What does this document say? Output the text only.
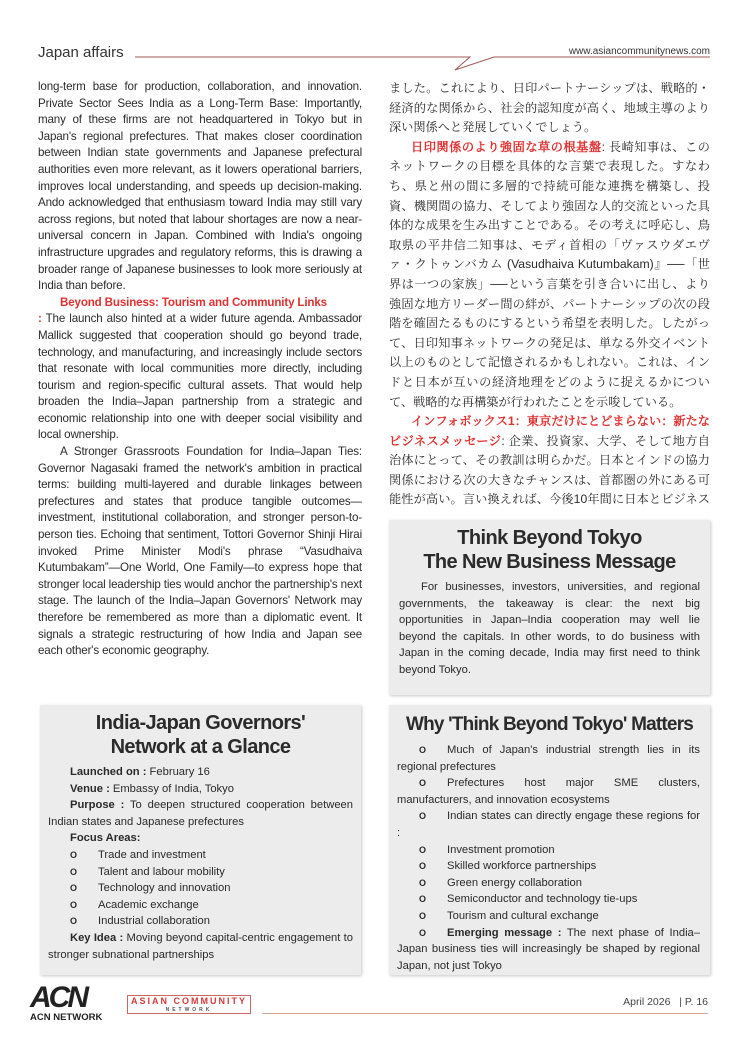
Japan affairs	www.asiancommunitynews.com

long-term base for production, collaboration, and innovation. Private Sector Sees India as a Long-Term Base: Importantly, many of these firms are not headquartered in Tokyo but in Japan's regional prefectures. That makes closer coordination between Indian state governments and Japanese prefectural authorities even more relevant, as it lowers operational barriers, improves local understanding, and speeds up decision-making. Ando acknowledged that enthusiasm toward India may still vary across regions, but noted that labour shortages are now a near-universal concern in Japan. Combined with India's ongoing infrastructure upgrades and regulatory reforms, this is drawing a broader range of Japanese businesses to look more seriously at India than before.

Beyond Business: Tourism and Community Links
: The launch also hinted at a wider future agenda. Ambassador Mallick suggested that cooperation should go beyond trade, technology, and manufacturing, and increasingly include sectors that resonate with local communities more directly, including tourism and region-specific cultural assets. That would help broaden the India–Japan partnership from a strategic and economic relationship into one with deeper social visibility and local ownership.

A Stronger Grassroots Foundation for India–Japan Ties: Governor Nagasaki framed the network's ambition in practical terms: building multi-layered and durable linkages between prefectures and states that produce tangible outcomes—investment, institutional collaboration, and stronger person-to-person ties. Echoing that sentiment, Tottori Governor Shinji Hirai invoked Prime Minister Modi's phrase “Vasudhaiva Kutumbakam”—One World, One Family—to express hope that stronger local leadership ties would anchor the partnership's next stage. The launch of the India–Japan Governors' Network may therefore be remembered as more than a diplomatic event. It signals a strategic restructuring of how India and Japan see each other's economic geography.

ました。これにより、日印パートナーシップは、戦略的・経済的な関係から、社会的認知度が高く、地域主導のより深い関係へと発展していくでしょう。

日印関係のより強固な草の根基盤: 長崎知事は、このネットワークの目標を具体的な言葉で表現した。すなわち、県と州の間に多層的で持続可能な連携を構築し、投資、機関間の協力、そしてより強固な人的交流といった具体的な成果を生み出すことである。その考えに呼応し、鳥取県の平井信二知事は、モディ首相の「ヴァスウダエヴァ・クトゥンバカム (Vasudhaiva Kutumbakam)』──「世界は一つの家族」──という言葉を引き合いに出し、より強固な地方リーダー間の絆が、パートナーシップの次の段階を確固たるものにするという希望を表明した。したがって、日印知事ネットワークの発足は、単なる外交イベント以上のものとして記憶されるかもしれない。これは、インドと日本が互いの経済地理をどのように捉えるかについて、戦略的な再構築が行われたことを示唆している。

インフォボックス1：東京だけにとどまらない：新たなビジネスメッセージ: 企業、投資家、大学、そして地方自治体にとって、その教訓は明らかだ。日本とインドの協力関係における次の大きなチャンスは、首都圏の外にある可能性が高い。言い換えれば、今後10年間に日本とビジネス

Think Beyond Tokyo
The New Business Message

For businesses, investors, universities, and regional governments, the takeaway is clear: the next big opportunities in Japan–India cooperation may well lie beyond the capitals. In other words, to do business with Japan in the coming decade, India may first need to think beyond Tokyo.

India-Japan Governors'
Network at a Glance

Launched on : February 16

Venue : Embassy of India, Tokyo

Purpose : To deepen structured cooperation between Indian states and Japanese prefectures

Focus Areas:

O	Trade and investment
O	Talent and labour mobility
O	Technology and innovation
O	Academic exchange
O	Industrial collaboration

Key Idea : Moving beyond capital-centric engagement to stronger subnational partnerships

Why 'Think Beyond Tokyo' Matters

O Much of Japan's industrial strength lies in its regional prefectures

O Prefectures host major SME clusters, manufacturers, and innovation ecosystems

O Indian states can directly engage these regions for :

O	Investment promotion
O	Skilled workforce partnerships
O	Green energy collaboration
O	Semiconductor and technology tie-ups
O	Tourism and cultural exchange

O Emerging message : The next phase of India–Japan business ties will increasingly be shaped by regional Japan, not just Tokyo

ACN
ACN NETWORK
ASIAN COMMUNITY
NETWORK
April 2026 | P. 16
